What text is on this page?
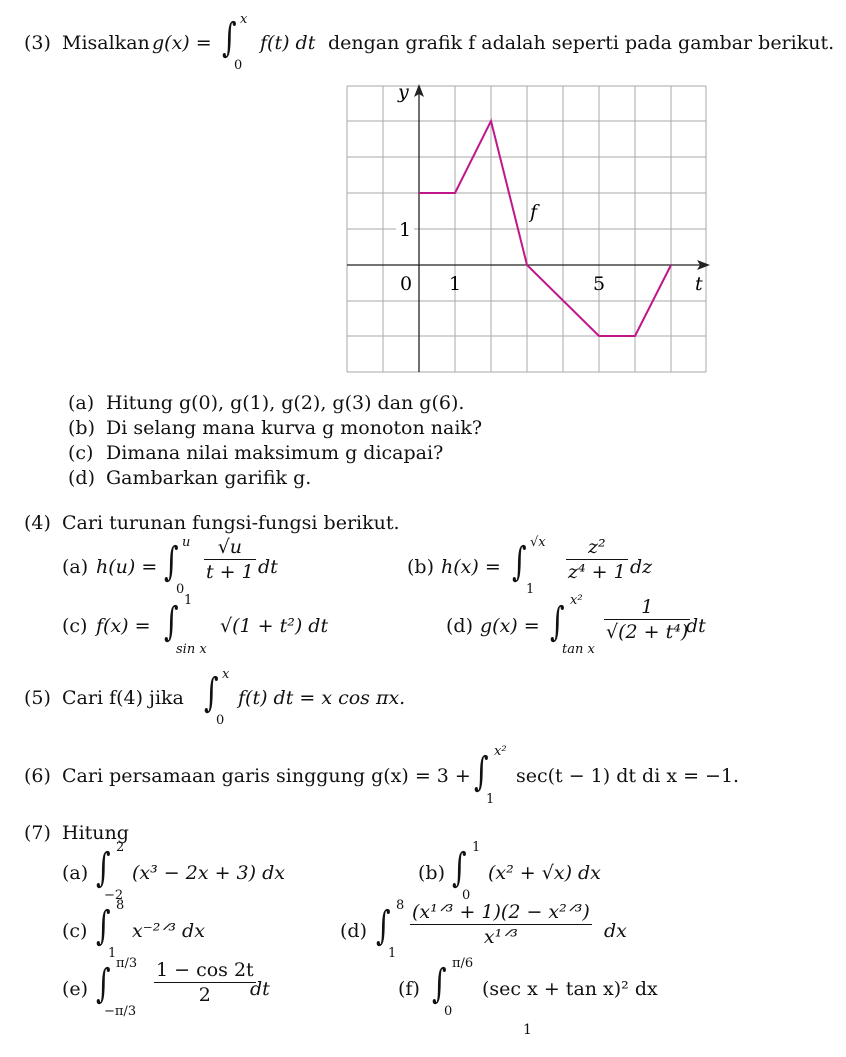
(3) Misalkan g(x) = ∫ x
0
f(t) dt dengan grafik f adalah seperti pada gambar berikut.
y
t
f
1
0 1	5
(a) Hitung g(0), g(1), g(2), g(3) dan g(6).
(b) Di selang mana kurva g monoton naik?
(c) Dimana nilai maksimum g dicapai?
(d) Gambarkan garifik g.
(4) Cari turunan fungsi-fungsi berikut.
(a) h(u) = ∫ u
0
$\frac{√u}{t + 1}$ dt	(b) h(x) = ∫ √x
1
$\frac{\text{z²}}{\text{z⁴ + 1}}$ dz
(c) f(x) = ∫ 1
sin x
√(1 + t²) dt	(d) g(x) = ∫ x²
tan x
$\frac{1}{\text{√(2 + t⁴)}}$
dt
(5) Cari f(4) jika ∫ x
0
f(t) dt = x cos πx.
(6) Cari persamaan garis singgung g(x) = 3 + ∫ x²
1
sec(t − 1) dt di x = −1.
(7) Hitung
(a) ∫ 2
−2
(x³ − 2x + 3) dx	(b) ∫ 1
0
(x² + √x) dx
(c) ∫ 8
1
x⁻²ᐟ³ dx	(d) ∫ 8
1
(x¹ᐟ³ + 1)(2 − x²ᐟ³)
x¹ᐟ³	dx
(e) ∫ π/3
−π/3
$\frac{1 - \cos 2t}{2}$
dt	(f) ∫ π/6
0
(sec x + tan x)² dx
1
